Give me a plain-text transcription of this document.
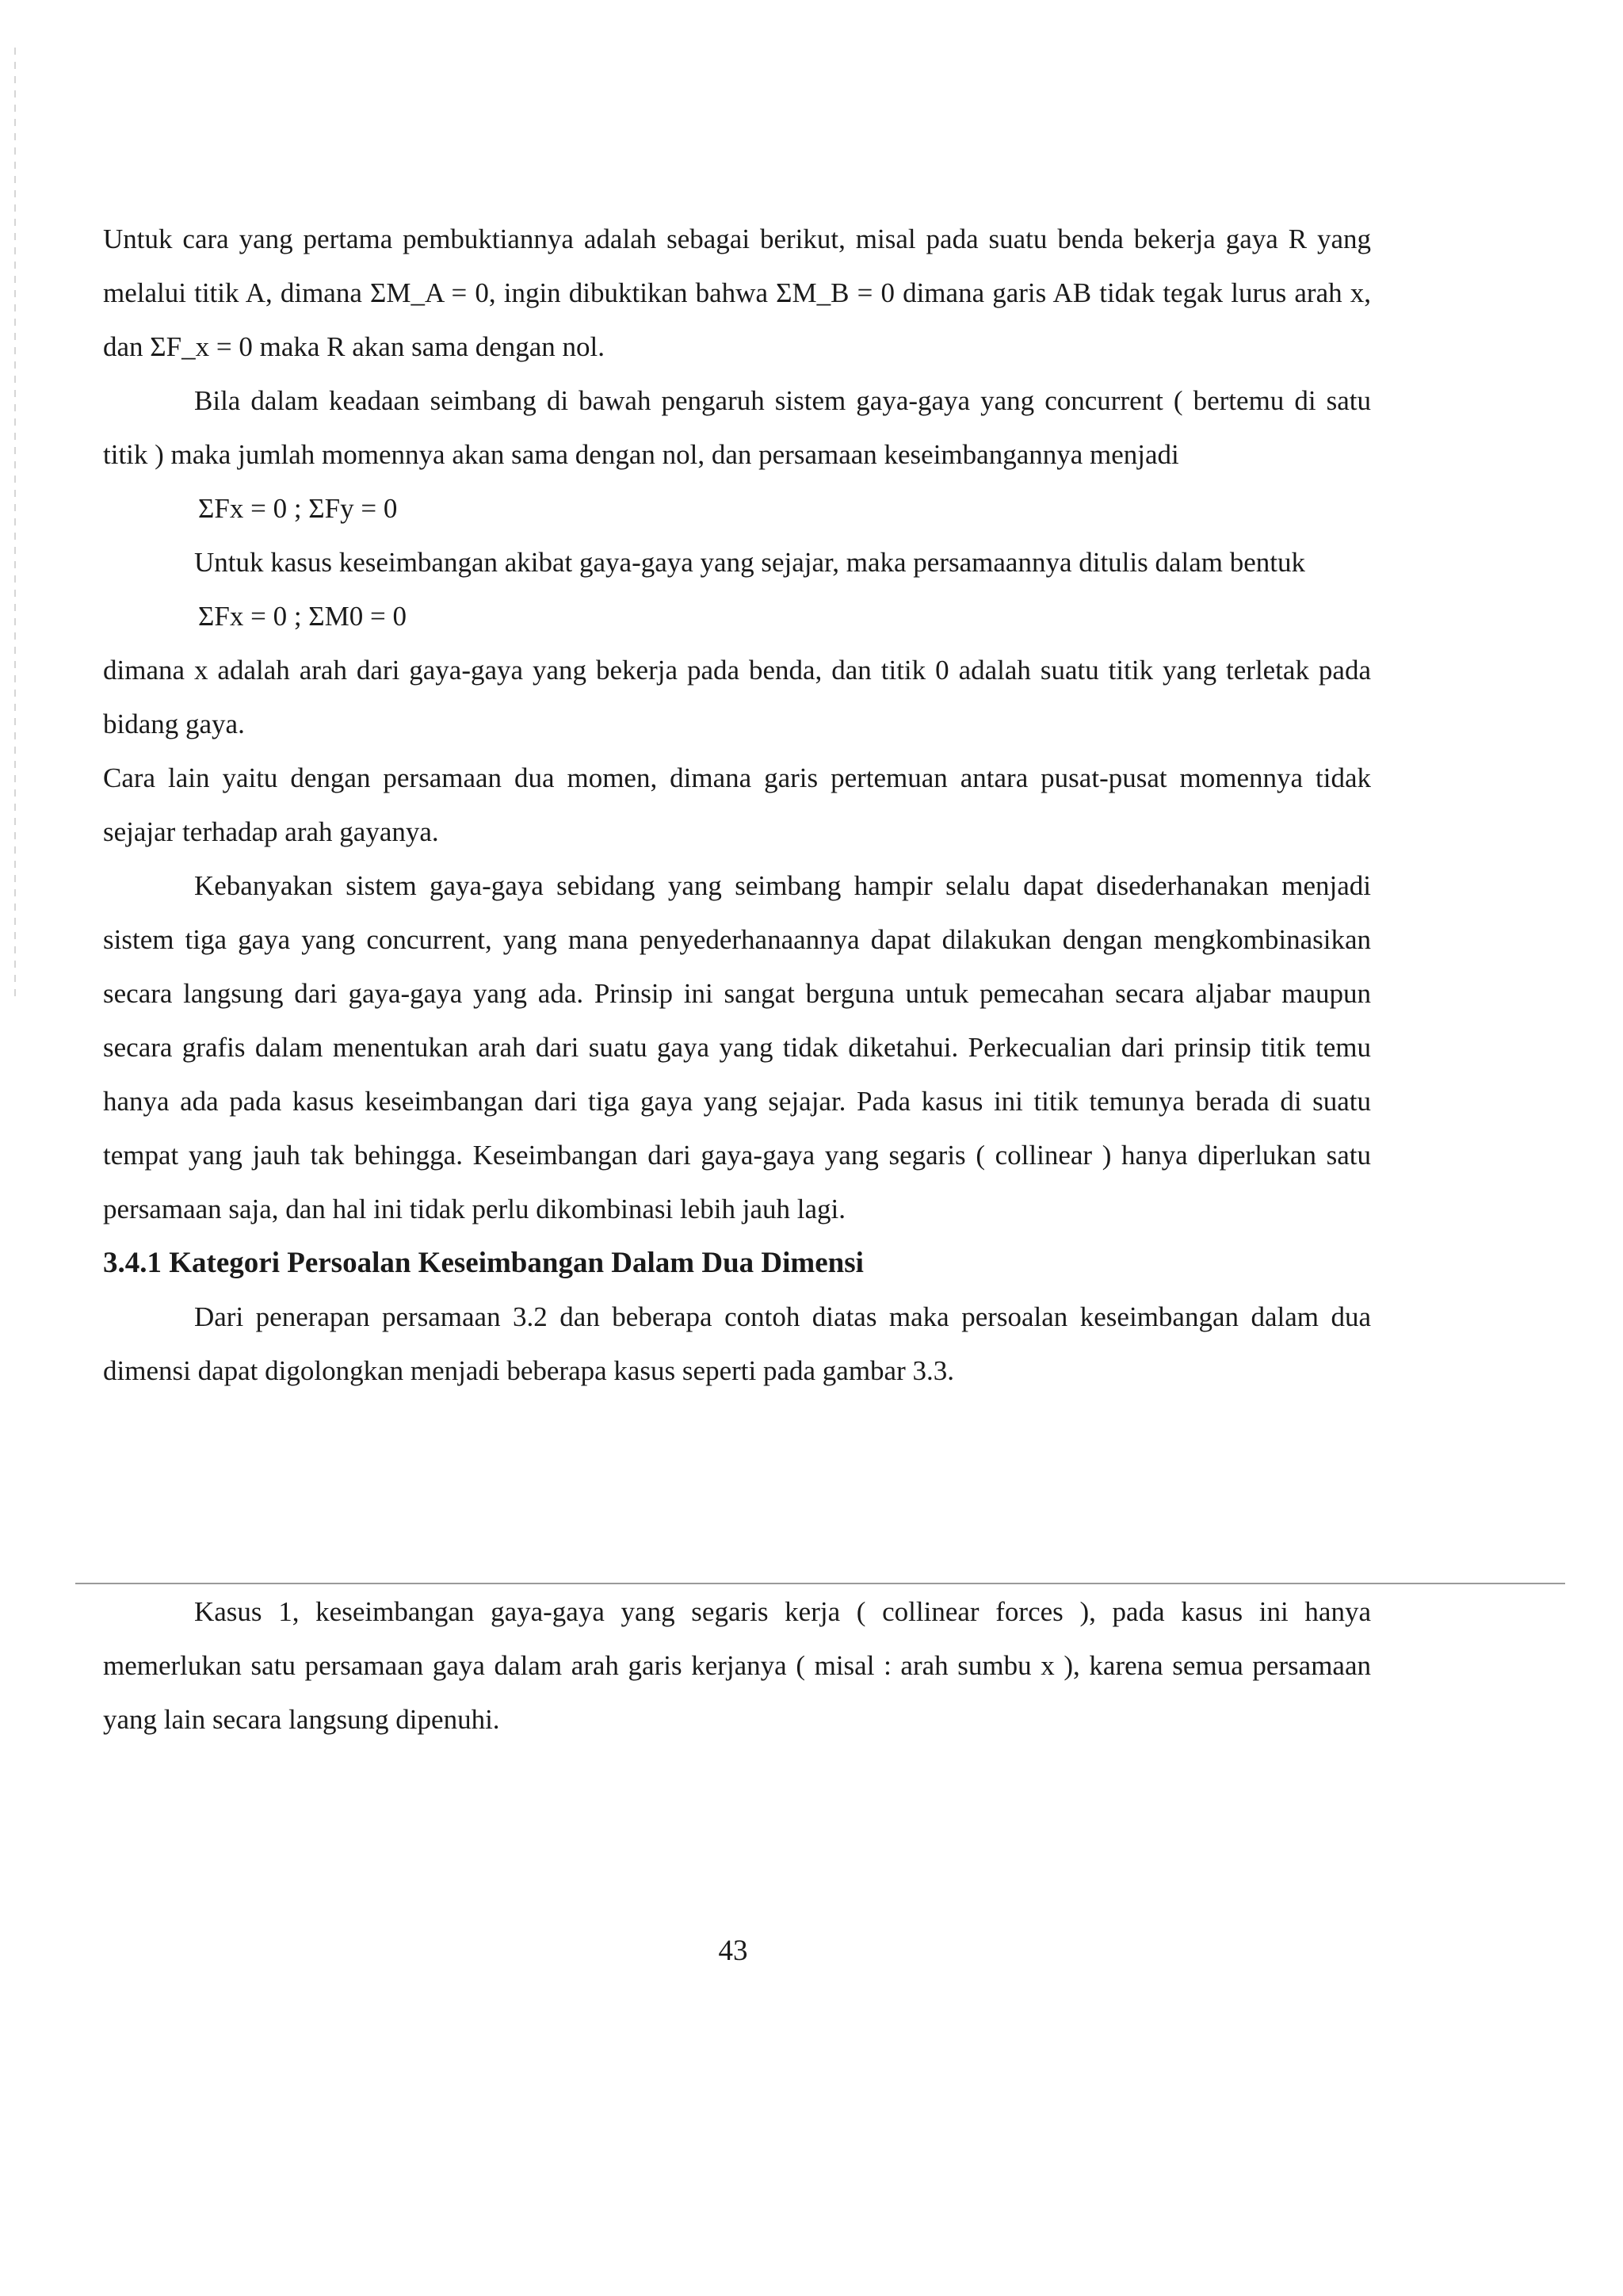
Untuk cara yang pertama pembuktiannya adalah sebagai berikut, misal pada suatu benda bekerja gaya R yang melalui titik A, dimana ΣM_A = 0, ingin dibuktikan bahwa ΣM_B = 0 dimana garis AB tidak tegak lurus arah x, dan ΣF_x = 0 maka R akan sama dengan nol.

Bila dalam keadaan seimbang di bawah pengaruh sistem gaya-gaya yang concurrent ( bertemu di satu titik ) maka jumlah momennya akan sama dengan nol, dan persamaan keseimbangannya menjadi

ΣFx = 0 ; ΣFy = 0

Untuk kasus keseimbangan akibat gaya-gaya yang sejajar, maka persamaannya ditulis dalam bentuk

ΣFx = 0 ; ΣM0 = 0

dimana x adalah arah dari gaya-gaya yang bekerja pada benda, dan titik 0 adalah suatu titik yang terletak pada bidang gaya.

Cara lain yaitu dengan persamaan dua momen, dimana garis pertemuan antara pusat-pusat momennya tidak sejajar terhadap arah gayanya.

Kebanyakan sistem gaya-gaya sebidang yang seimbang hampir selalu dapat disederhanakan menjadi sistem tiga gaya yang concurrent, yang mana penyederhanaannya dapat dilakukan dengan mengkombinasikan secara langsung dari gaya-gaya yang ada. Prinsip ini sangat berguna untuk pemecahan secara aljabar maupun secara grafis dalam menentukan arah dari suatu gaya yang tidak diketahui. Perkecualian dari prinsip titik temu hanya ada pada kasus keseimbangan dari tiga gaya yang sejajar. Pada kasus ini titik temunya berada di suatu tempat yang jauh tak behingga. Keseimbangan dari gaya-gaya yang segaris ( collinear ) hanya diperlukan satu persamaan saja, dan hal ini tidak perlu dikombinasi lebih jauh lagi.

3.4.1 Kategori Persoalan Keseimbangan Dalam Dua Dimensi

Dari penerapan persamaan 3.2 dan beberapa contoh diatas maka persoalan keseimbangan dalam dua dimensi dapat digolongkan menjadi beberapa kasus seperti pada gambar 3.3.

Kasus 1, keseimbangan gaya-gaya yang segaris kerja ( collinear forces ), pada kasus ini hanya memerlukan satu persamaan gaya dalam arah garis kerjanya ( misal : arah sumbu x ), karena semua persamaan yang lain secara langsung dipenuhi.

43
